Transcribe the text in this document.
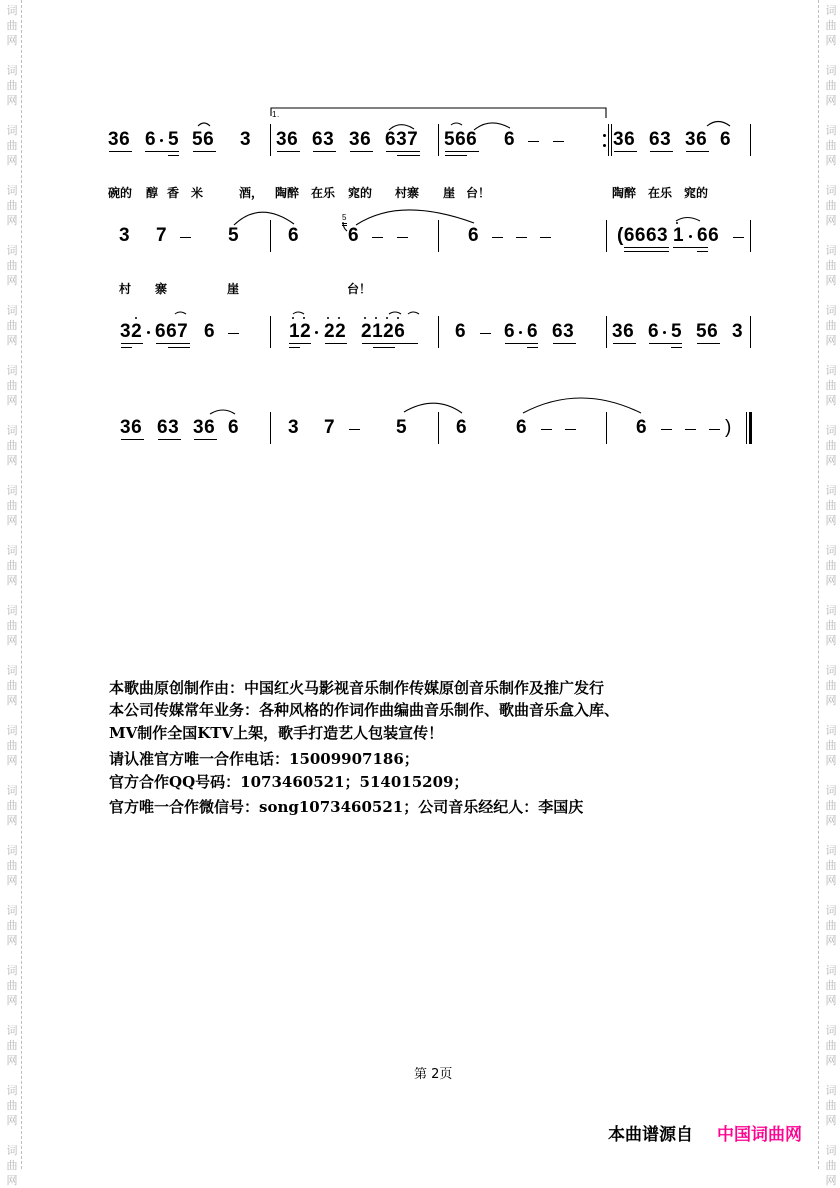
词
曲
网
词
曲
网
词
曲
网
词
曲
网
词
曲
网
词
曲
网
词
曲
网
词
曲
网
词
曲
网
词
曲
网
词
曲
网
词
曲
网
词
曲
网
词
曲
网
词
曲
网
词
曲
网
词
曲
网
词
曲
网
词
曲
网
词
曲
网
词
曲
网
词
曲
网
词
曲
网
词
曲
网
词
曲
网
词
曲
网
词
曲
网
词
曲
网
词
曲
网
词
曲
网
词
曲
网
词
曲
网
词
曲
网
词
曲
网
词
曲
网
词
曲
网
词
曲
网
词
曲
网
词
曲
网
词
曲
网
36 6 5 56 3 36 63 36 637 566 6	36 63 36 6
1.
碗的 醇 香 米	酒， 陶醉 在乐 窕的 村寨 崖 台！	陶醉 在乐 窕的
3 7	5	6
5
6	6	(6663 1 66
村 寨	崖	台！
32 667 6	12 22 2126	6 6 6 63 36 6 5 56 3
36 63 36 6	3 7	5	6	6	6	)
本歌曲原创制作由：中国红火马影视音乐制作传媒原创音乐制作及推广发行
本公司传媒常年业务：各种风格的作词作曲编曲音乐制作、歌曲音乐盒入库、
MV制作全国KTV上架，歌手打造艺人包装宣传！
请认准官方唯一合作电话：15009907186；
官方合作QQ号码：1073460521；514015209；
官方唯一合作微信号：song1073460521；公司音乐经纪人：李国庆
第 2页
本曲谱源自 中国词曲网
